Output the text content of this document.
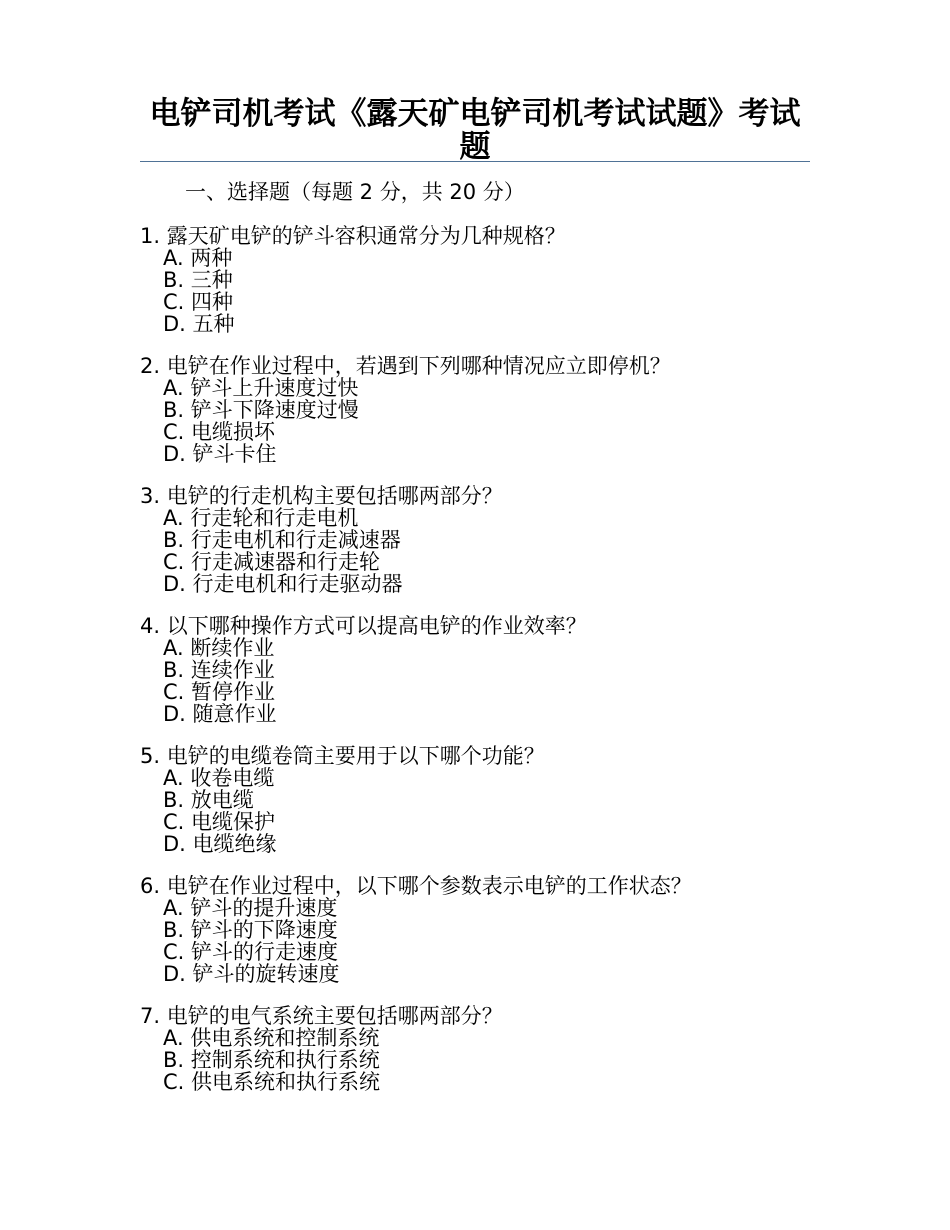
电铲司机考试《露天矿电铲司机考试试题》考试题
一、选择题（每题 2 分，共 20 分）
1. 露天矿电铲的铲斗容积通常分为几种规格？
A. 两种
B. 三种
C. 四种
D. 五种
2. 电铲在作业过程中，若遇到下列哪种情况应立即停机？
A. 铲斗上升速度过快
B. 铲斗下降速度过慢
C. 电缆损坏
D. 铲斗卡住
3. 电铲的行走机构主要包括哪两部分？
A. 行走轮和行走电机
B. 行走电机和行走减速器
C. 行走减速器和行走轮
D. 行走电机和行走驱动器
4. 以下哪种操作方式可以提高电铲的作业效率？
A. 断续作业
B. 连续作业
C. 暂停作业
D. 随意作业
5. 电铲的电缆卷筒主要用于以下哪个功能？
A. 收卷电缆
B. 放电缆
C. 电缆保护
D. 电缆绝缘
6. 电铲在作业过程中，以下哪个参数表示电铲的工作状态？
A. 铲斗的提升速度
B. 铲斗的下降速度
C. 铲斗的行走速度
D. 铲斗的旋转速度
7. 电铲的电气系统主要包括哪两部分？
A. 供电系统和控制系统
B. 控制系统和执行系统
C. 供电系统和执行系统
